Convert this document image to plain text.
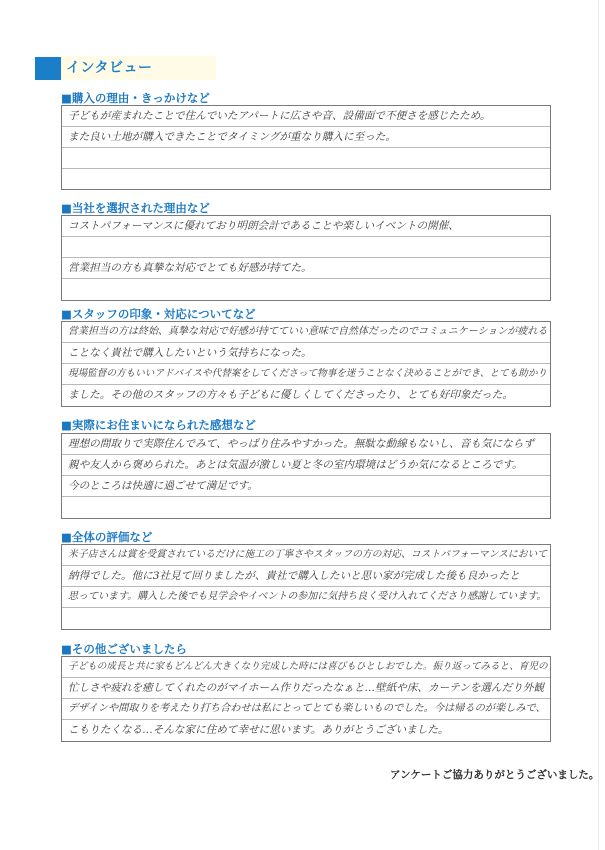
インタビュー
■購入の理由・きっかけなど
子どもが産まれたことで住んでいたアパートに広さや音、設備面で不便さを感じたため。
また良い土地が購入できたことでタイミングが重なり購入に至った。
■当社を選択された理由など
コストパフォーマンスに優れており明朗会計であることや楽しいイベントの開催、
営業担当の方も真摯な対応でとても好感が持てた。
■スタッフの印象・対応についてなど
営業担当の方は終始、真摯な対応で好感が持てていい意味で自然体だったのでコミュニケーションが疲れる
ことなく貴社で購入したいという気持ちになった。
現場監督の方もいいアドバイスや代替案をしてくださって物事を迷うことなく決めることができ、とても助かり
ました。その他のスタッフの方々も子どもに優しくしてくださったり、とても好印象だった。
■実際にお住まいになられた感想など
理想の間取りで実際住んでみて、やっぱり住みやすかった。無駄な動線もないし、音も気にならず
親や友人から褒められた。あとは気温が激しい夏と冬の室内環境はどうか気になるところです。
今のところは快適に過ごせて満足です。
■全体の評価など
米子店さんは賞を受賞されているだけに施工の丁寧さやスタッフの方の対応、コストパフォーマンスにおいて
納得でした。他に3社見て回りましたが、貴社で購入したいと思い家が完成した後も良かったと
思っています。購入した後でも見学会やイベントの参加に気持ち良く受け入れてくださり感謝しています。
■その他ございましたら
子どもの成長と共に家もどんどん大きくなり完成した時には喜びもひとしおでした。振り返ってみると、育児の
忙しさや疲れを癒してくれたのがマイホーム作りだったなぁと…壁紙や床、カーテンを選んだり外観
デザインや間取りを考えたり打ち合わせは私にとってとても楽しいものでした。今は帰るのが楽しみで、
こもりたくなる…そんな家に住めて幸せに思います。ありがとうございました。
アンケートご協力ありがとうございました。
